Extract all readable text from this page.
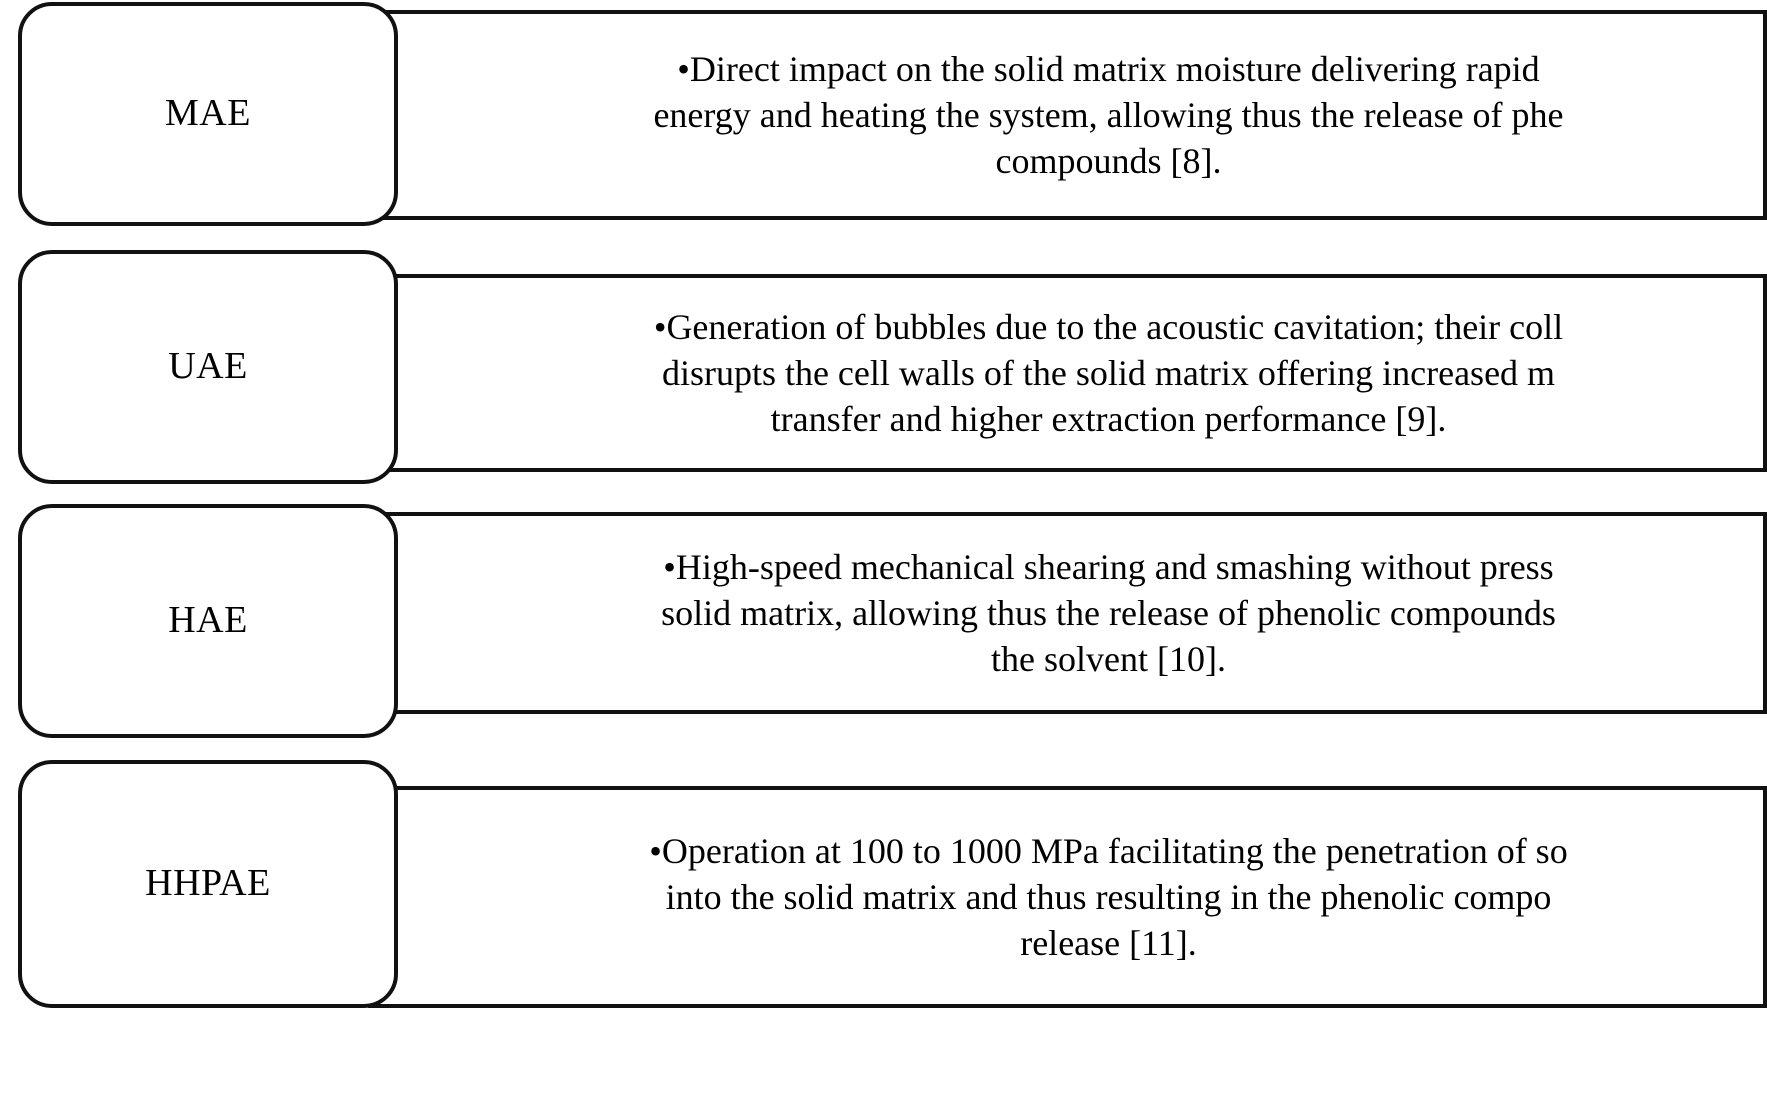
MAE
•Direct impact on the solid matrix moisture delivering rapid
energy and heating the system, allowing thus the release of phe
compounds [8].
UAE
•Generation of bubbles due to the acoustic cavitation; their coll
disrupts the cell walls of the solid matrix offering increased m
transfer and higher extraction performance [9].
HAE
•High-speed mechanical shearing and smashing without press
solid matrix, allowing thus the release of phenolic compounds
the solvent [10].
HHPAE
•Operation at 100 to 1000 MPa facilitating the penetration of so
into the solid matrix and thus resulting in the phenolic compo
release [11].
